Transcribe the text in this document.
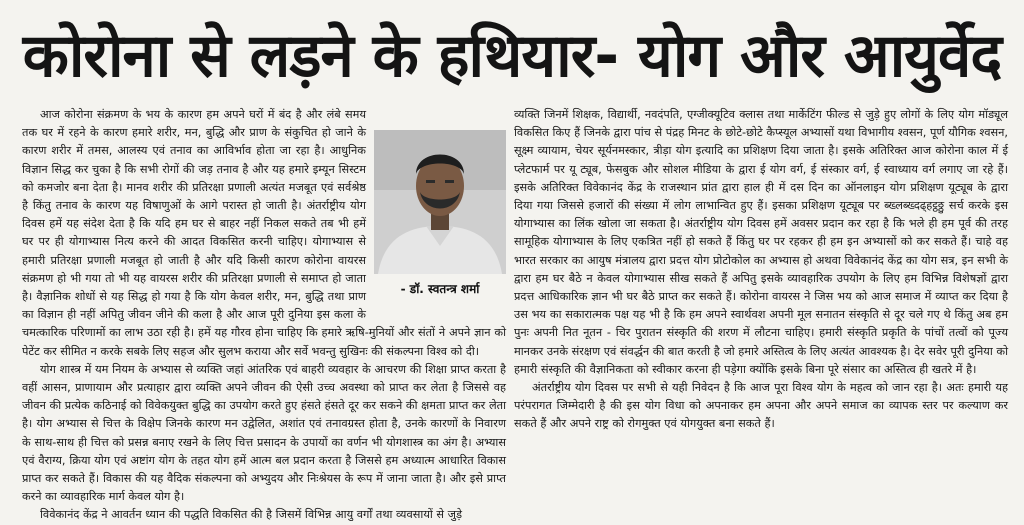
कोरोना से लड़ने के हथियार- योग और आयुर्वेद
- डॉ. स्वतन्त्र शर्मा

आज कोरोना संक्रमण के भय के कारण हम अपने घरों में बंद है और लंबे समय तक घर में रहने के कारण हमारे शरीर, मन, बुद्धि और प्राण के संकुचित हो जाने के कारण शरीर में तमस, आलस्य एवं तनाव का आविर्भाव होता जा रहा है। आधुनिक विज्ञान सिद्ध कर चुका है कि सभी रोगों की जड़ तनाव है और यह हमारे इम्यून सिस्टम को कमजोर बना देता है। मानव शरीर की प्रतिरक्षा प्रणाली अत्यंत मजबूत एवं सर्वश्रेष्ठ है किंतु तनाव के कारण यह विषाणुओं के आगे परास्त हो जाती है। अंतर्राष्ट्रीय योग दिवस हमें यह संदेश देता है कि यदि हम घर से बाहर नहीं निकल सकते तब भी हमें घर पर ही योगाभ्यास नित्य करने की आदत विकसित करनी चाहिए। योगाभ्यास से हमारी प्रतिरक्षा प्रणाली मजबूत हो जाती है और यदि किसी कारण कोरोना वायरस संक्रमण हो भी गया तो भी यह वायरस शरीर की प्रतिरक्षा प्रणाली से समाप्त हो जाता है। वैज्ञानिक शोधों से यह सिद्ध हो गया है कि योग केवल शरीर, मन, बुद्धि तथा प्राण का विज्ञान ही नहीं अपितु जीवन जीने की कला है और आज पूरी दुनिया इस कला के चमत्कारिक परिणामों का लाभ उठा रही है। हमें यह गौरव होना चाहिए कि हमारे ऋषि-मुनियों और संतों ने अपने ज्ञान को पेटेंट कर सीमित न करके सबके लिए सहज और सुलभ कराया और सर्वे भवन्तु सुखिनः की संकल्पना विश्व को दी।

योग शास्त्र में यम नियम के अभ्यास से व्यक्ति जहां आंतरिक एवं बाहरी व्यवहार के आचरण की शिक्षा प्राप्त करता है वहीं आसन, प्राणायाम और प्रत्याहार द्वारा व्यक्ति अपने जीवन की ऐसी उच्च अवस्था को प्राप्त कर लेता है जिससे वह जीवन की प्रत्येक कठिनाई को विवेकयुक्त बुद्धि का उपयोग करते हुए हंसते हंसते दूर कर सकने की क्षमता प्राप्त कर लेता है। योग अभ्यास से चित्त के विक्षेप जिनके कारण मन उद्वेलित, अशांत एवं तनावग्रस्त होता है, उनके कारणों के निवारण के साथ-साथ ही चित्त को प्रसन्न बनाए रखने के लिए चित्त प्रसादन के उपायों का वर्णन भी योगशास्त्र का अंग है। अभ्यास एवं वैराग्य, क्रिया योग एवं अष्टांग योग के तहत योग हमें आत्म बल प्रदान करता है जिससे हम अध्यात्म आधारित विकास प्राप्त कर सकते हैं। विकास की यह वैदिक संकल्पना को अभ्युदय और निःश्रेयस के रूप में जाना जाता है। और इसे प्राप्त करने का व्यावहारिक मार्ग केवल योग है।

विवेकानंद केंद्र ने आवर्तन ध्यान की पद्धति विकसित की है जिसमें विभिन्न आयु वर्गों तथा व्यवसायों से जुड़े

व्यक्ति जिनमें शिक्षक, विद्यार्थी, नवदंपति, एग्जीक्यूटिव क्लास तथा मार्केटिंग फील्ड से जुड़े हुए लोगों के लिए योग मॉड्यूल विकसित किए हैं जिनके द्वारा पांच से पंद्रह मिनट के छोटे-छोटे कैप्स्यूल अभ्यासों यथा विभागीय श्वसन, पूर्ण यौगिक श्वसन, सूक्ष्म व्यायाम, चेयर सूर्यनमस्कार, त्रीड़ा योग इत्यादि का प्रशिक्षण दिया जाता है। इसके अतिरिक्त आज कोरोना काल में ई प्लेटफार्म पर यू ट्यूब, फेसबुक और सोशल मीडिया के द्वारा ई योग वर्ग, ई संस्कार वर्ग, ई स्वाध्याय वर्ग लगाए जा रहे हैं। इसके अतिरिक्त विवेकानंद केंद्र के राजस्थान प्रांत द्वारा हाल ही में दस दिन का ऑनलाइन योग प्रशिक्षण यूट्यूब के द्वारा दिया गया जिससे हजारों की संख्या में लोग लाभान्वित हुए हैं। इसका प्रशिक्षण यूट्यूब पर ब्ख्लब्ख्दढ्हट्ठठ्ठु सर्च करके इस योगाभ्यास का लिंक खोला जा सकता है। अंतर्राष्ट्रीय योग दिवस हमें अवसर प्रदान कर रहा है कि भले ही हम पूर्व की तरह सामूहिक योगाभ्यास के लिए एकत्रित नहीं हो सकते हैं किंतु घर पर रहकर ही हम इन अभ्यासों को कर सकते हैं। चाहे वह भारत सरकार का आयुष मंत्रालय द्वारा प्रदत्त योग प्रोटोकोल का अभ्यास हो अथवा विवेकानंद केंद्र का योग सत्र, इन सभी के द्वारा हम घर बैठे न केवल योगाभ्यास सीख सकते हैं अपितु इसके व्यावहारिक उपयोग के लिए हम विभिन्न विशेषज्ञों द्वारा प्रदत्त आधिकारिक ज्ञान भी घर बैठे प्राप्त कर सकते हैं। कोरोना वायरस ने जिस भय को आज समाज में व्याप्त कर दिया है उस भय का सकारात्मक पक्ष यह भी है कि हम अपने स्वार्थवश अपनी मूल सनातन संस्कृति से दूर चले गए थे किंतु अब हम पुनः अपनी नित नूतन - चिर पुरातन संस्कृति की शरण में लौटना चाहिए। हमारी संस्कृति प्रकृति के पांचों तत्वों को पूज्य मानकर उनके संरक्षण एवं संवर्द्धन की बात करती है जो हमारे अस्तित्व के लिए अत्यंत आवश्यक है। देर सवेर पूरी दुनिया को हमारी संस्कृति की वैज्ञानिकता को स्वीकार करना ही पड़ेगा क्योंकि इसके बिना पूरे संसार का अस्तित्व ही खतरे में है।

अंतर्राष्ट्रीय योग दिवस पर सभी से यही निवेदन है कि आज पूरा विश्व योग के महत्व को जान रहा है। अतः हमारी यह परंपरागत जिम्मेदारी है की इस योग विधा को अपनाकर हम अपना और अपने समाज का व्यापक स्तर पर कल्याण कर सकते हैं और अपने राष्ट्र को रोगमुक्त एवं योगयुक्त बना सकते हैं।
